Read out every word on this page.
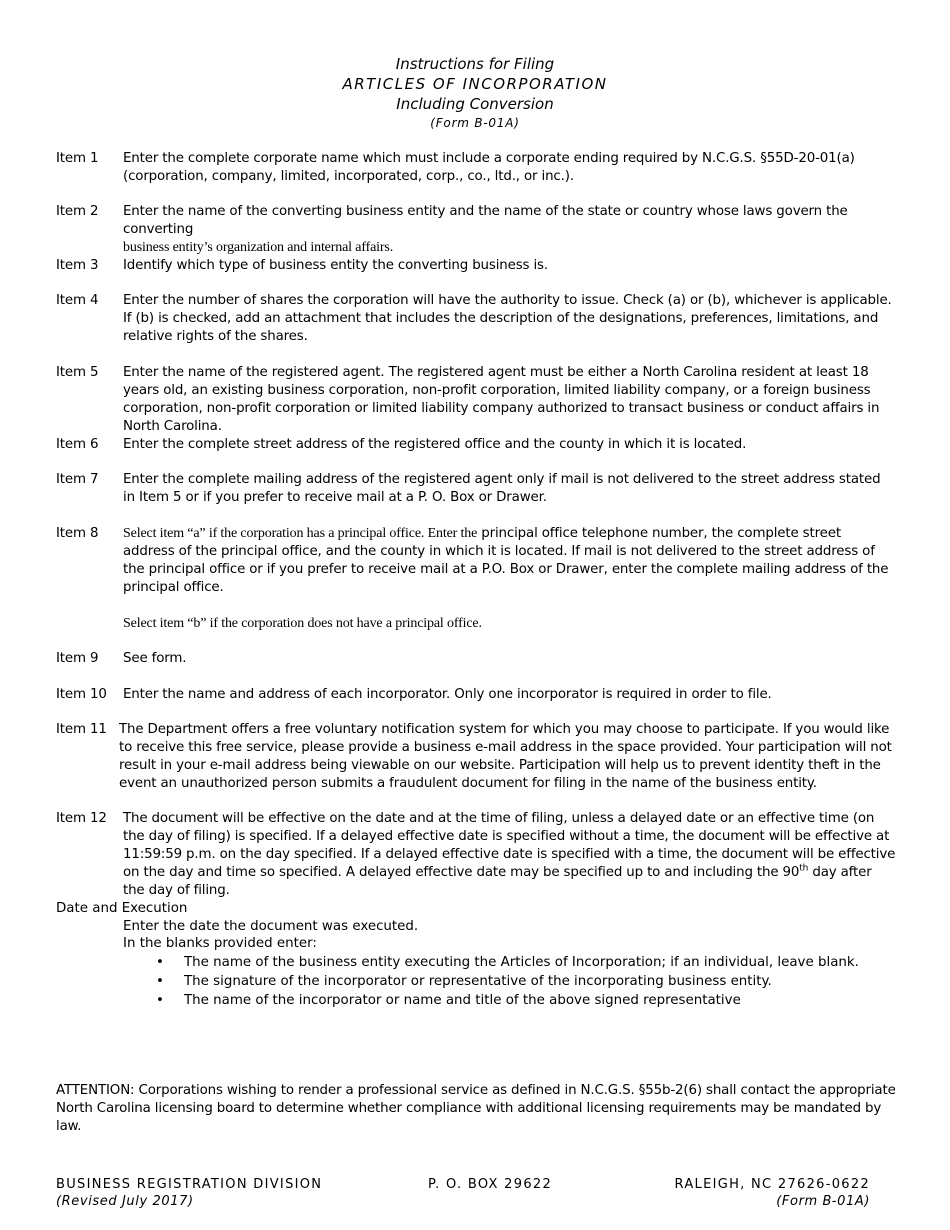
Instructions for Filing
ARTICLES OF INCORPORATION
Including Conversion
(Form B-01A)
Item 1 Enter the complete corporate name which must include a corporate ending required by N.C.G.S. §55D-20-01(a) (corporation, company, limited, incorporated, corp., co., ltd., or inc.).
Item 2 Enter the name of the converting business entity and the name of the state or country whose laws govern the converting
business entity’s organization and internal affairs.
Item 3 Identify which type of business entity the converting business is.
Item 4 Enter the number of shares the corporation will have the authority to issue. Check (a) or (b), whichever is applicable. If (b) is checked, add an attachment that includes the description of the designations, preferences, limitations, and relative rights of the shares.
Item 5 Enter the name of the registered agent. The registered agent must be either a North Carolina resident at least 18 years old, an existing business corporation, non-profit corporation, limited liability company, or a foreign business corporation, non-profit corporation or limited liability company authorized to transact business or conduct affairs in North Carolina.
Item 6 Enter the complete street address of the registered office and the county in which it is located.
Item 7 Enter the complete mailing address of the registered agent only if mail is not delivered to the street address stated in Item 5 or if you prefer to receive mail at a P. O. Box or Drawer.
Item 8 Select item “a” if the corporation has a principal office. Enter the principal office telephone number, the complete street address of the principal office, and the county in which it is located. If mail is not delivered to the street address of the principal office or if you prefer to receive mail at a P.O. Box or Drawer, enter the complete mailing address of the principal office.
Select item “b” if the corporation does not have a principal office.
Item 9 See form.
Item 10 Enter the name and address of each incorporator. Only one incorporator is required in order to file.
Item 11 The Department offers a free voluntary notification system for which you may choose to participate. If you would like to receive this free service, please provide a business e-mail address in the space provided. Your participation will not result in your e-mail address being viewable on our website. Participation will help us to prevent identity theft in the event an unauthorized person submits a fraudulent document for filing in the name of the business entity.
Item 12 The document will be effective on the date and at the time of filing, unless a delayed date or an effective time (on the day of filing) is specified. If a delayed effective date is specified without a time, the document will be effective at 11:59:59 p.m. on the day specified. If a delayed effective date is specified with a time, the document will be effective on the day and time so specified. A delayed effective date may be specified up to and including the 90th day after the day of filing.
Date and Execution
Enter the date the document was executed.
In the blanks provided enter:
• The name of the business entity executing the Articles of Incorporation; if an individual, leave blank.
• The signature of the incorporator or representative of the incorporating business entity.
• The name of the incorporator or name and title of the above signed representative
ATTENTION: Corporations wishing to render a professional service as defined in N.C.G.S. §55b-2(6) shall contact the appropriate North Carolina licensing board to determine whether compliance with additional licensing requirements may be mandated by law.
BUSINESS REGISTRATION DIVISION	P. O. BOX 29622	RALEIGH, NC 27626-0622
(Revised July 2017)	(Form B-01A)
